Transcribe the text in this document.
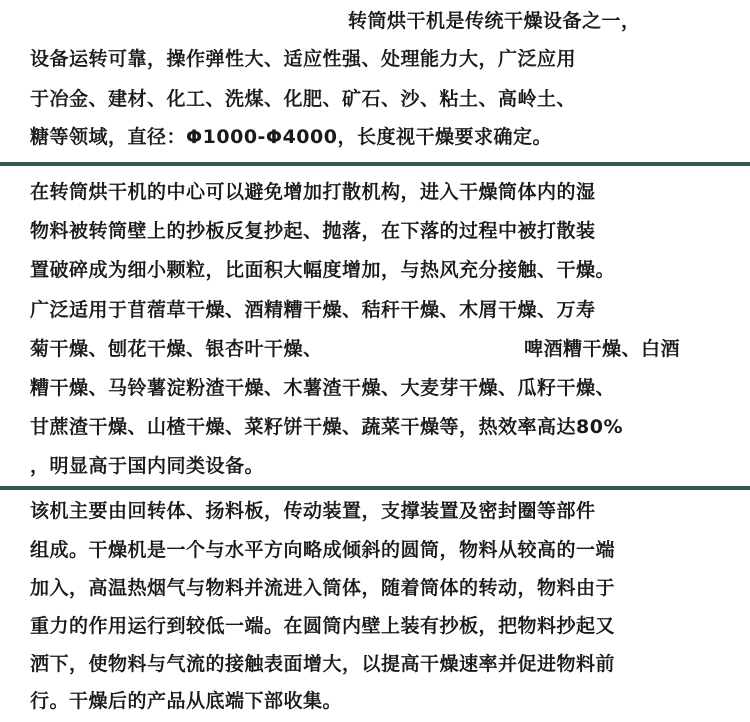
转筒烘干机是传统干燥设备之一，
设备运转可靠，操作弹性大、适应性强、处理能力大，广泛应用
于冶金、建材、化工、洗煤、化肥、矿石、沙、粘土、高岭土、
糖等领域，直径：Φ1000-Φ4000，长度视干燥要求确定。
在转筒烘干机的中心可以避免增加打散机构，进入干燥筒体内的湿
物料被转筒壁上的抄板反复抄起、抛落，在下落的过程中被打散装
置破碎成为细小颗粒，比面积大幅度增加，与热风充分接触、干燥。
广泛适用于苜蓿草干燥、酒精糟干燥、秸秆干燥、木屑干燥、万寿
菊干燥、刨花干燥、银杏叶干燥、	啤酒糟干燥、白酒
糟干燥、马铃薯淀粉渣干燥、木薯渣干燥、大麦芽干燥、瓜籽干燥、
甘蔗渣干燥、山楂干燥、菜籽饼干燥、蔬菜干燥等，热效率高达80%
，明显高于国内同类设备。
该机主要由回转体、扬料板，传动装置，支撑装置及密封圈等部件
组成。干燥机是一个与水平方向略成倾斜的圆筒，物料从较高的一端
加入，高温热烟气与物料并流进入筒体，随着筒体的转动，物料由于
重力的作用运行到较低一端。在圆筒内壁上装有抄板，把物料抄起又
洒下，使物料与气流的接触表面增大，以提高干燥速率并促进物料前
行。干燥后的产品从底端下部收集。
